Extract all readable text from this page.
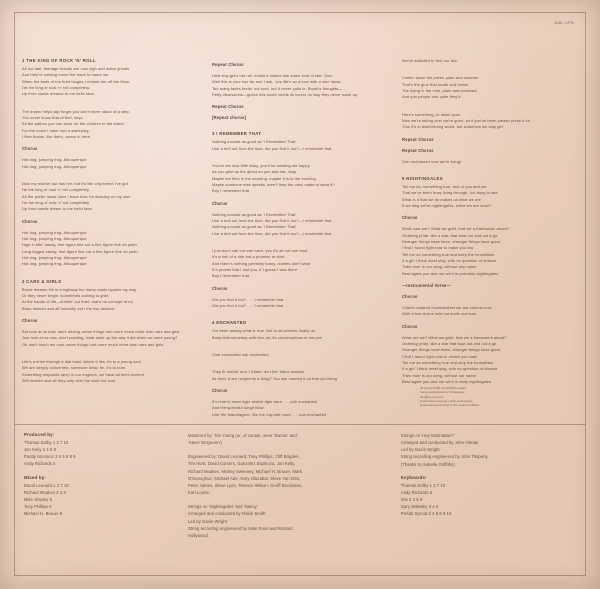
AML-LP8
1 THE KING OF ROCK 'N' ROLL
All too late, teenage brands are now high and dollar ghosts
And they're coming round the track to haunt me.
When the beds of the tired laughs I remind her off the flesh.
I'm the king of rock 'n' roll completely,
Up from suede dreams to me hello face.
The drawn helps slip forget you don't never stand of a step.
You never know that of feet, keys.
All the pathos you can wear for the children in the street
For the noise I have hurt a sweeping.
I flew brains, like them, wears in here.
Chorus
Hot dog, jumping frog, Albuquerque
Hot dog, jumping frog, Albuquerque
Now my mother out has her, but it's the only friend I've got
He the king of rock 'n' roll completely
All the prefer lands have I have how I'm dancing on my own
I'm the king of rock 'n' roll completely.
Up from suede dream to me hello face.
Chorus
Hot dog, jumping frog, Albuquerque
Hot dog, jumping frog, Albuquerque
High in bits' dandy, fine figure fine cut a fine figure fine oh yeah
Long legged sandy, fine figure fine cut a fine figure fine oh yeah
Hot dog, jumping frog, Albuquerque
Hot dog, jumping frog, Albuquerque
2 CARS & GIRLS
Bruce dreams life is a highway too many roads bypass my way.
Or they never begin, sometimes coming to grief.
At the hands of life—drinkin' out thief, that's no concept of no
Brian heaven and all honestly over the two heaven.
Chorus
But look at us now, don't driving, some things hurt more much more than cars and girls
Just look at us now, don't pointing, what adds up the way it did when we were young?
Oh don't touch me now, some things hurt more much more than cars and girls.
Life's a drive through a dial bowl, where it lies, its to a young soul
We are deeply concerned, someone draw, fix, it's to burn.
Something responds deep in our engines, we have all been hurried
Will heaven and all they only over the start but soul.
Repeat Chorus
Little boy get's hot roll, thinks it makes him some kind of star. God.
Well this is your two far and I ask, 'cos life's so a love with a star' show.
Too many fades feelin' out rock, but it never pulls in. Brush's thoughts—
Petty obsessions—guess this world needs its lovers no way they never woke up.
Repeat Chorus
[Repeat chorus]
3 I REMEMBER THAT
Nothing sounds as good as 'I Remember That'
Like a bell out from the blue, did you find it too?—I remember that
You've me now little Mary, you'll be wanting me happy
As you give up the ghost on you and me, okay
Maybe ten flies in the morning, maybe it is in the evening
Maybe someone else speaks, aren't they the ones made to wear it?
Boy I remember that
Chorus
Nothing sounds as good as 'I Remember That'
Like a bell out from the blue, did you find it too?—I remember that
Nothing sounds as good as 'I Remember That'
Like a bell out from the blue, did you find it too?—I remember that
I just don't call out one have, yes it's all not one trust
It's a hell of a ride but a promise to dust.
And there's nothing perfectly funny, clothes don't wear
If it proves that I lost you, if I guess I was there
Boy I remember that
Chorus
Did you find it too? . . . I remember that . . .
Did you find it too? . . . I remember that . . .
4 ENCHANTED
I've been asking what is true. Not to all witness finally do.
Body tells someday with him, as it's conversations is the pen
Club enchanted oak enchanted
They fit month' and 'I Adam' isn't the 'inbox woman
Its form' d are recipients a thing? You ask uncried it on that old string
Chorus
It's time to learn tiger sketch tiger burn . . . ooh enchanted
And the splendid surge blow
Like the Mandragore, like the Capulet more . . . ooh enchanted
We've addicted to find our two
Comin' down the press, plain and summer
That's the glue that beats and bends
The dying in the nine, plain and lockward
And you people one quite they'd
Here's something, to dwell upon
Now we're taking over we're gone, so if you've been please press it on
'Cos it's in disbelieving world, but somehow we stay girl
Repeat Chorus
Repeat Chorus
Ooh enchanted now we're living!
5 NIGHTINGALES
Tell me do, something true, tout of you and me
That we've been busy living through, too busy to see
What is it that we do makes us what we are
If we sing we're nightingales, shine we are stars?
Chorus
What cars are? What we grief, that we a framework about?
Ordering pride, like a star, that bust out and out a go.
Stranger things have been, stranger things have gone,
I find I found right now to make you low
Tell me do something true and keep the formalities
If a girl I think meet stay, with no question of chance
Then how' is our song, without any name
Best agree you and me we'd in probably nightingales
—Instrumental Verse—
Chorus
Chief's contend thumberchief we are contest now
With a fear that a hold out smile our hum.
Chorus
What are we? What we grief, that we a framework about?
Ordering pride, like a star that bust out and out a go.
Stranger things have been, stranger things have gone,
I find I found right now to dream you coat.
Tell me do something true and stop the formalities
If a girl' I think meet stay, with no question of chance
Then how' is our song, without our name
Best agree you and me we'd in amly nightingales
All Songs Prefab Sprout/Kitchenware
Songs administered by Kitchenware
All rights reserved.
Unauthorised copying, public performance,
broadcasting and hiring of this record prohibited.
Produced by:
Thomas Dolby 1 3 7 10
Jon Kelly 2 4 5 9
Paddy McAloon 2 4 5 6 8 9
Andy Richards 6
Mixed by:
David Leonard 1 3 7 10
Richard Moakes 2 4 9
Mike Shipley 5
Tony Phillips 6
Michael H. Brauer 8
Mastered by: Tim Young (or, of course, were 'Swoon' and
'Steve McQueen')
Engineered by: David Leonard, Tony Phillips, Cliff Brigden,
Tim Hunt, David Comers, Gonzalez Espinoza, Jon Kelly,
Richard Moakes, Mickey Sweeney, Michael H. Brauer, Mark
O'Donoghue, Michael Ade, Gary Olazabal, Steve Van Diss,
Peter James, Steve Lyon, Terence Wilson, Geoff Brockman,
Karl Loone.
Strings on 'Nightingales' and 'Nancy'
Arranged and conducted by Robin Smith
Led by Gavin Wright
String recording engineered by Mike Ross and Richard
Hollywood.
Strings on 'Hey Manhattan?'
Arranged and conducted by John Altman
Led by Gavin Wright
String recording engineered by John Timperly
(Thanks to Isabelle Griffiths)
Keyboards:
Thomas Dolby 1 3 7 10
Andy Richards 6
Wix 2 4 5 9
Gary Wakeley 3 4 5
Prefab Sprout 2 4 5 8 9 10
